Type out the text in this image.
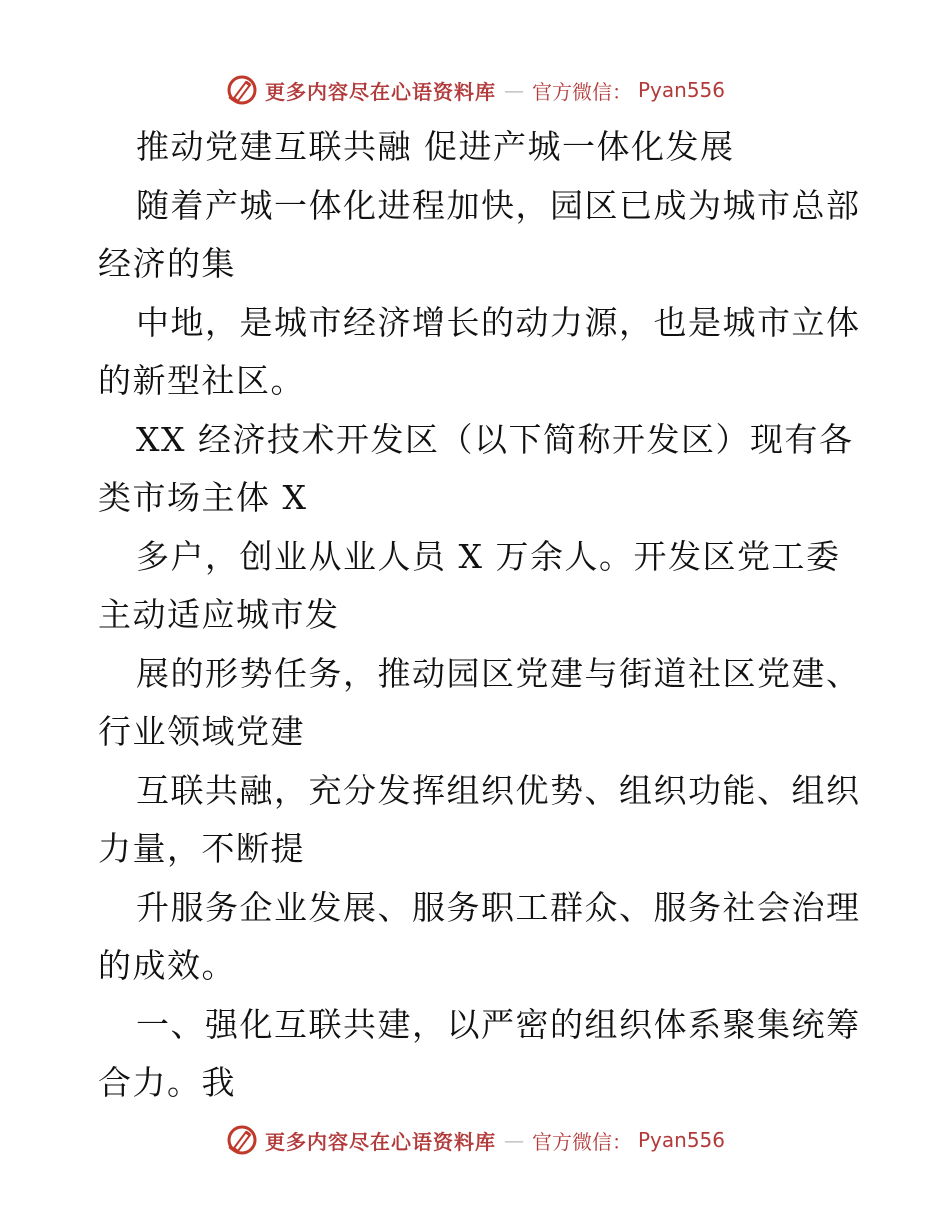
更多内容尽在心语资料库 — 官方微信： Pyan556
推动党建互联共融 促进产城一体化发展
随着产城一体化进程加快，园区已成为城市总部
经济的集
中地，是城市经济增长的动力源，也是城市立体
的新型社区。
XX 经济技术开发区（以下简称开发区）现有各
类市场主体 X
多户，创业从业人员 X 万余人。开发区党工委
主动适应城市发
展的形势任务，推动园区党建与街道社区党建、
行业领域党建
互联共融，充分发挥组织优势、组织功能、组织
力量，不断提
升服务企业发展、服务职工群众、服务社会治理
的成效。
一、强化互联共建，以严密的组织体系聚集统筹
合力。我
更多内容尽在心语资料库 — 官方微信： Pyan556
